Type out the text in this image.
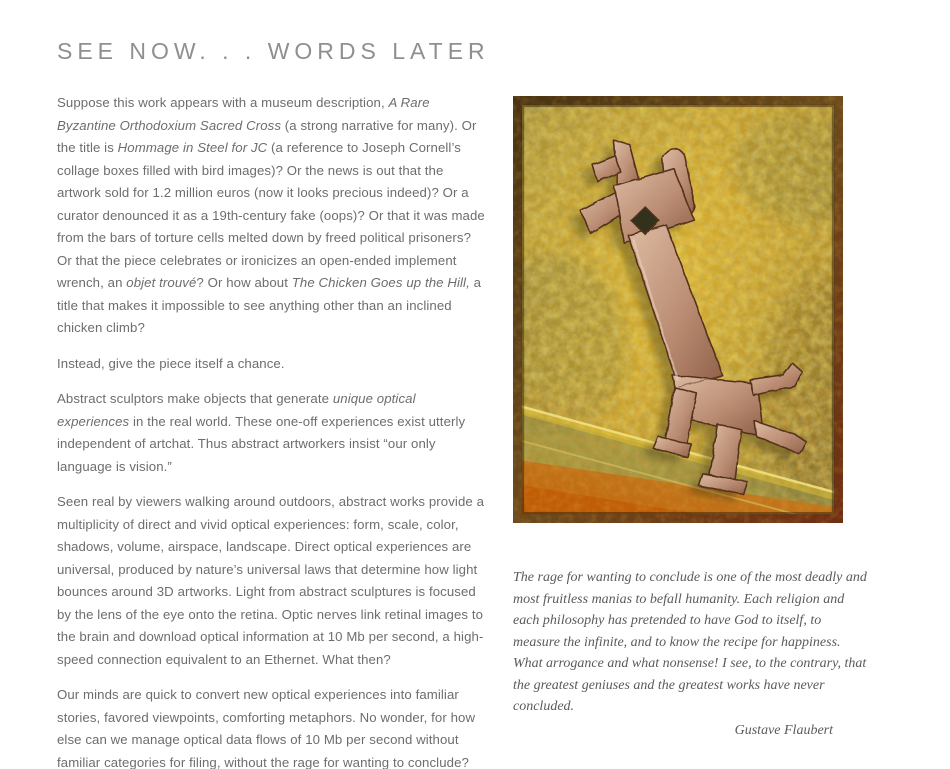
SEE NOW. . . WORDS LATER

Suppose this work appears with a museum description, A Rare Byzantine Orthodoxium Sacred Cross (a strong narrative for many). Or the title is Hommage in Steel for JC (a reference to Joseph Cornell’s collage boxes filled with bird images)? Or the news is out that the artwork sold for 1.2 million euros (now it looks precious indeed)? Or a curator denounced it as a 19th-century fake (oops)? Or that it was made from the bars of torture cells melted down by freed political prisoners? Or that the piece celebrates or ironicizes an open-ended implement wrench, an objet trouvé? Or how about The Chicken Goes up the Hill, a title that makes it impossible to see anything other than an inclined chicken climb?

Instead, give the piece itself a chance.

Abstract sculptors make objects that generate unique optical experiences in the real world. These one-off experiences exist utterly independent of artchat. Thus abstract artworkers insist “our only language is vision.”

Seen real by viewers walking around outdoors, abstract works provide a multiplicity of direct and vivid optical experiences: form, scale, color, shadows, volume, airspace, landscape. Direct optical experiences are universal, produced by nature’s universal laws that determine how light bounces around 3D artworks. Light from abstract sculptures is focused by the lens of the eye onto the retina. Optic nerves link retinal images to the brain and download optical information at 10 Mb per second, a high-speed connection equivalent to an Ethernet. What then?

Our minds are quick to convert new optical experiences into familiar stories, favored viewpoints, comforting metaphors. No wonder, for how else can we manage optical data flows of 10 Mb per second without familiar categories for filing, without the rage for wanting to conclude?

The rage for wanting to conclude is one of the most deadly and most fruitless manias to befall humanity. Each religion and each philosophy has pretended to have God to itself, to measure the infinite, and to know the recipe for happiness. What arrogance and what nonsense! I see, to the contrary, that the greatest geniuses and the greatest works have never concluded.

Gustave Flaubert
